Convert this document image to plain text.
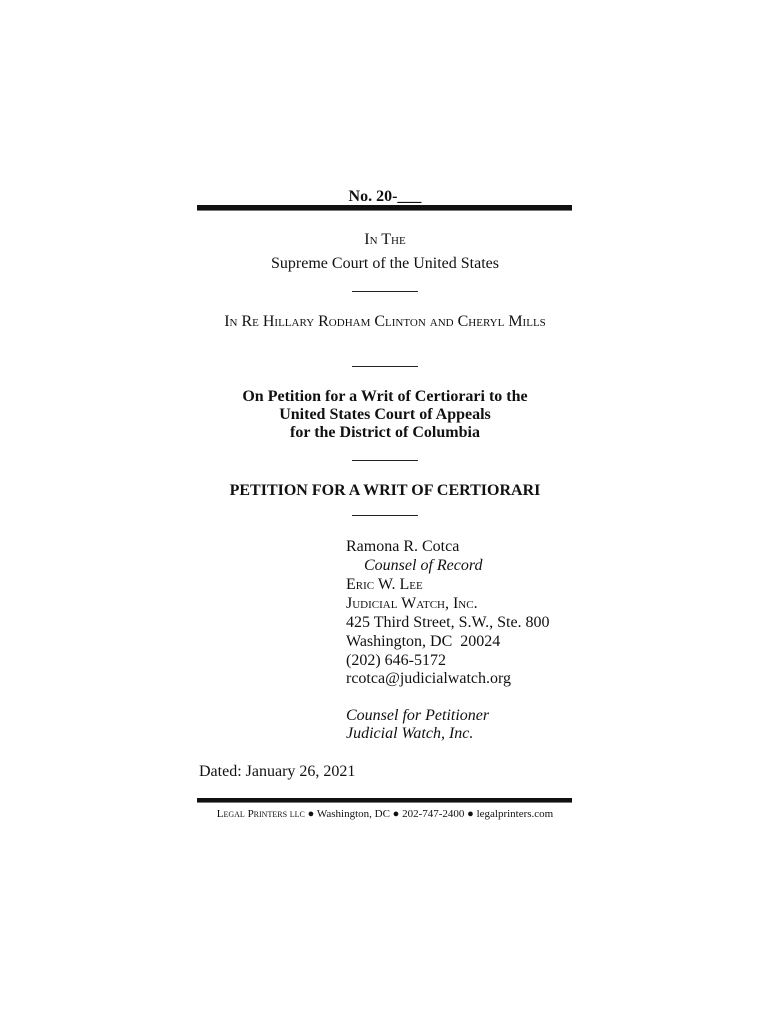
No. 20-___
In The
Supreme Court of the United States
In Re Hillary Rodham Clinton and Cheryl Mills
On Petition for a Writ of Certiorari to the
United States Court of Appeals
for the District of Columbia
PETITION FOR A WRIT OF CERTIORARI
Ramona R. Cotca
Counsel of Record
Eric W. Lee
Judicial Watch, Inc.
425 Third Street, S.W., Ste. 800
Washington, DC  20024
(202) 646-5172
rcotca@judicialwatch.org
Counsel for Petitioner
Judicial Watch, Inc.
Dated: January 26, 2021
Legal Printers llc ● Washington, DC ● 202-747-2400 ● legalprinters.com
